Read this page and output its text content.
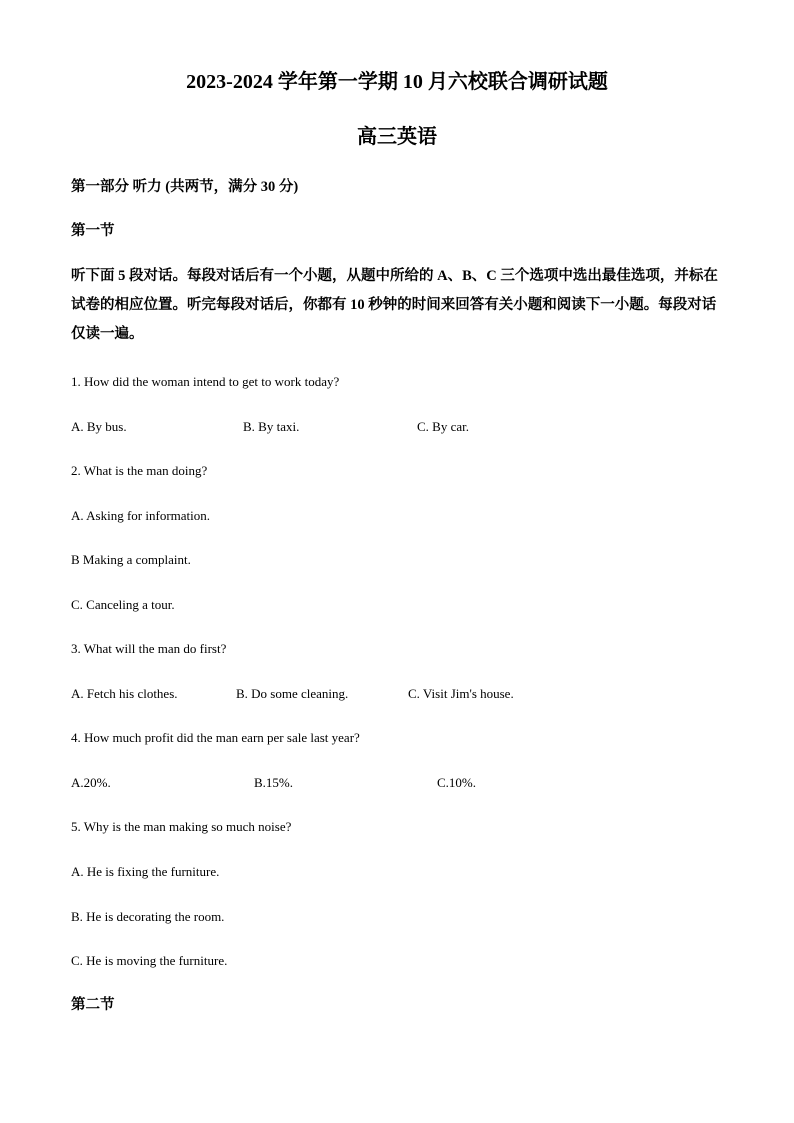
2023-2024 学年第一学期 10 月六校联合调研试题
高三英语
第一部分 听力 (共两节，满分 30 分)
第一节
听下面 5 段对话。每段对话后有一个小题，从题中所给的 A、B、C 三个选项中选出最佳选项，并标在试卷的相应位置。听完每段对话后，你都有 10 秒钟的时间来回答有关小题和阅读下一小题。每段对话仅读一遍。
1. How did the woman intend to get to work today?
A. By bus.	B. By taxi.	C. By car.
2. What is the man doing?
A. Asking for information.
B Making a complaint.
C. Canceling a tour.
3. What will the man do first?
A. Fetch his clothes.	B. Do some cleaning.	C. Visit Jim's house.
4. How much profit did the man earn per sale last year?
A.20%.	B.15%.	C.10%.
5. Why is the man making so much noise?
A. He is fixing the furniture.
B. He is decorating the room.
C. He is moving the furniture.
第二节
